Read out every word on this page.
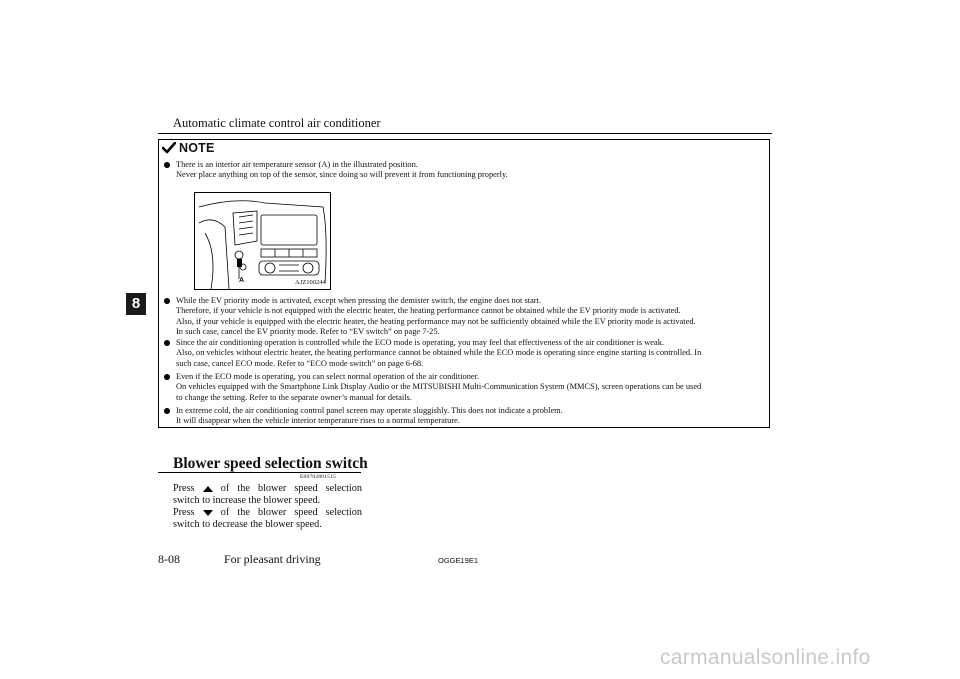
Automatic climate control air conditioner
8
NOTE
There is an interior air temperature sensor (A) in the illustrated position.
Never place anything on top of the sensor, since doing so will prevent it from functioning properly.
A	AJZ100244
While the EV priority mode is activated, except when pressing the demister switch, the engine does not start.
Therefore, if your vehicle is not equipped with the electric heater, the heating performance cannot be obtained while the EV priority mode is activated.
Also, if your vehicle is equipped with the electric heater, the heating performance may not be sufficiently obtained while the EV priority mode is activated.
In such case, cancel the EV priority mode. Refer to “EV switch” on page 7-25.
Since the air conditioning operation is controlled while the ECO mode is operating, you may feel that effectiveness of the air conditioner is weak.
Also, on vehicles without electric heater, the heating performance cannot be obtained while the ECO mode is operating since engine starting is controlled. In
such case, cancel ECO mode. Refer to “ECO mode switch” on page 6-68.
Even if the ECO mode is operating, you can select normal operation of the air conditioner.
On vehicles equipped with the Smartphone Link Display Audio or the MITSUBISHI Multi-Communication System (MMCS), screen operations can be used
to change the setting. Refer to the separate owner’s manual for details.
In extreme cold, the air conditioning control panel screen may operate sluggishly. This does not indicate a problem.
It will disappear when the vehicle interior temperature rises to a normal temperature.
Blower speed selection switch
E00702801515
Press	of the blower speed selection
switch to increase the blower speed.
Press	of the blower speed selection
switch to decrease the blower speed.
8-08	For pleasant driving	OGGE19E1
carmanualsonline.info
